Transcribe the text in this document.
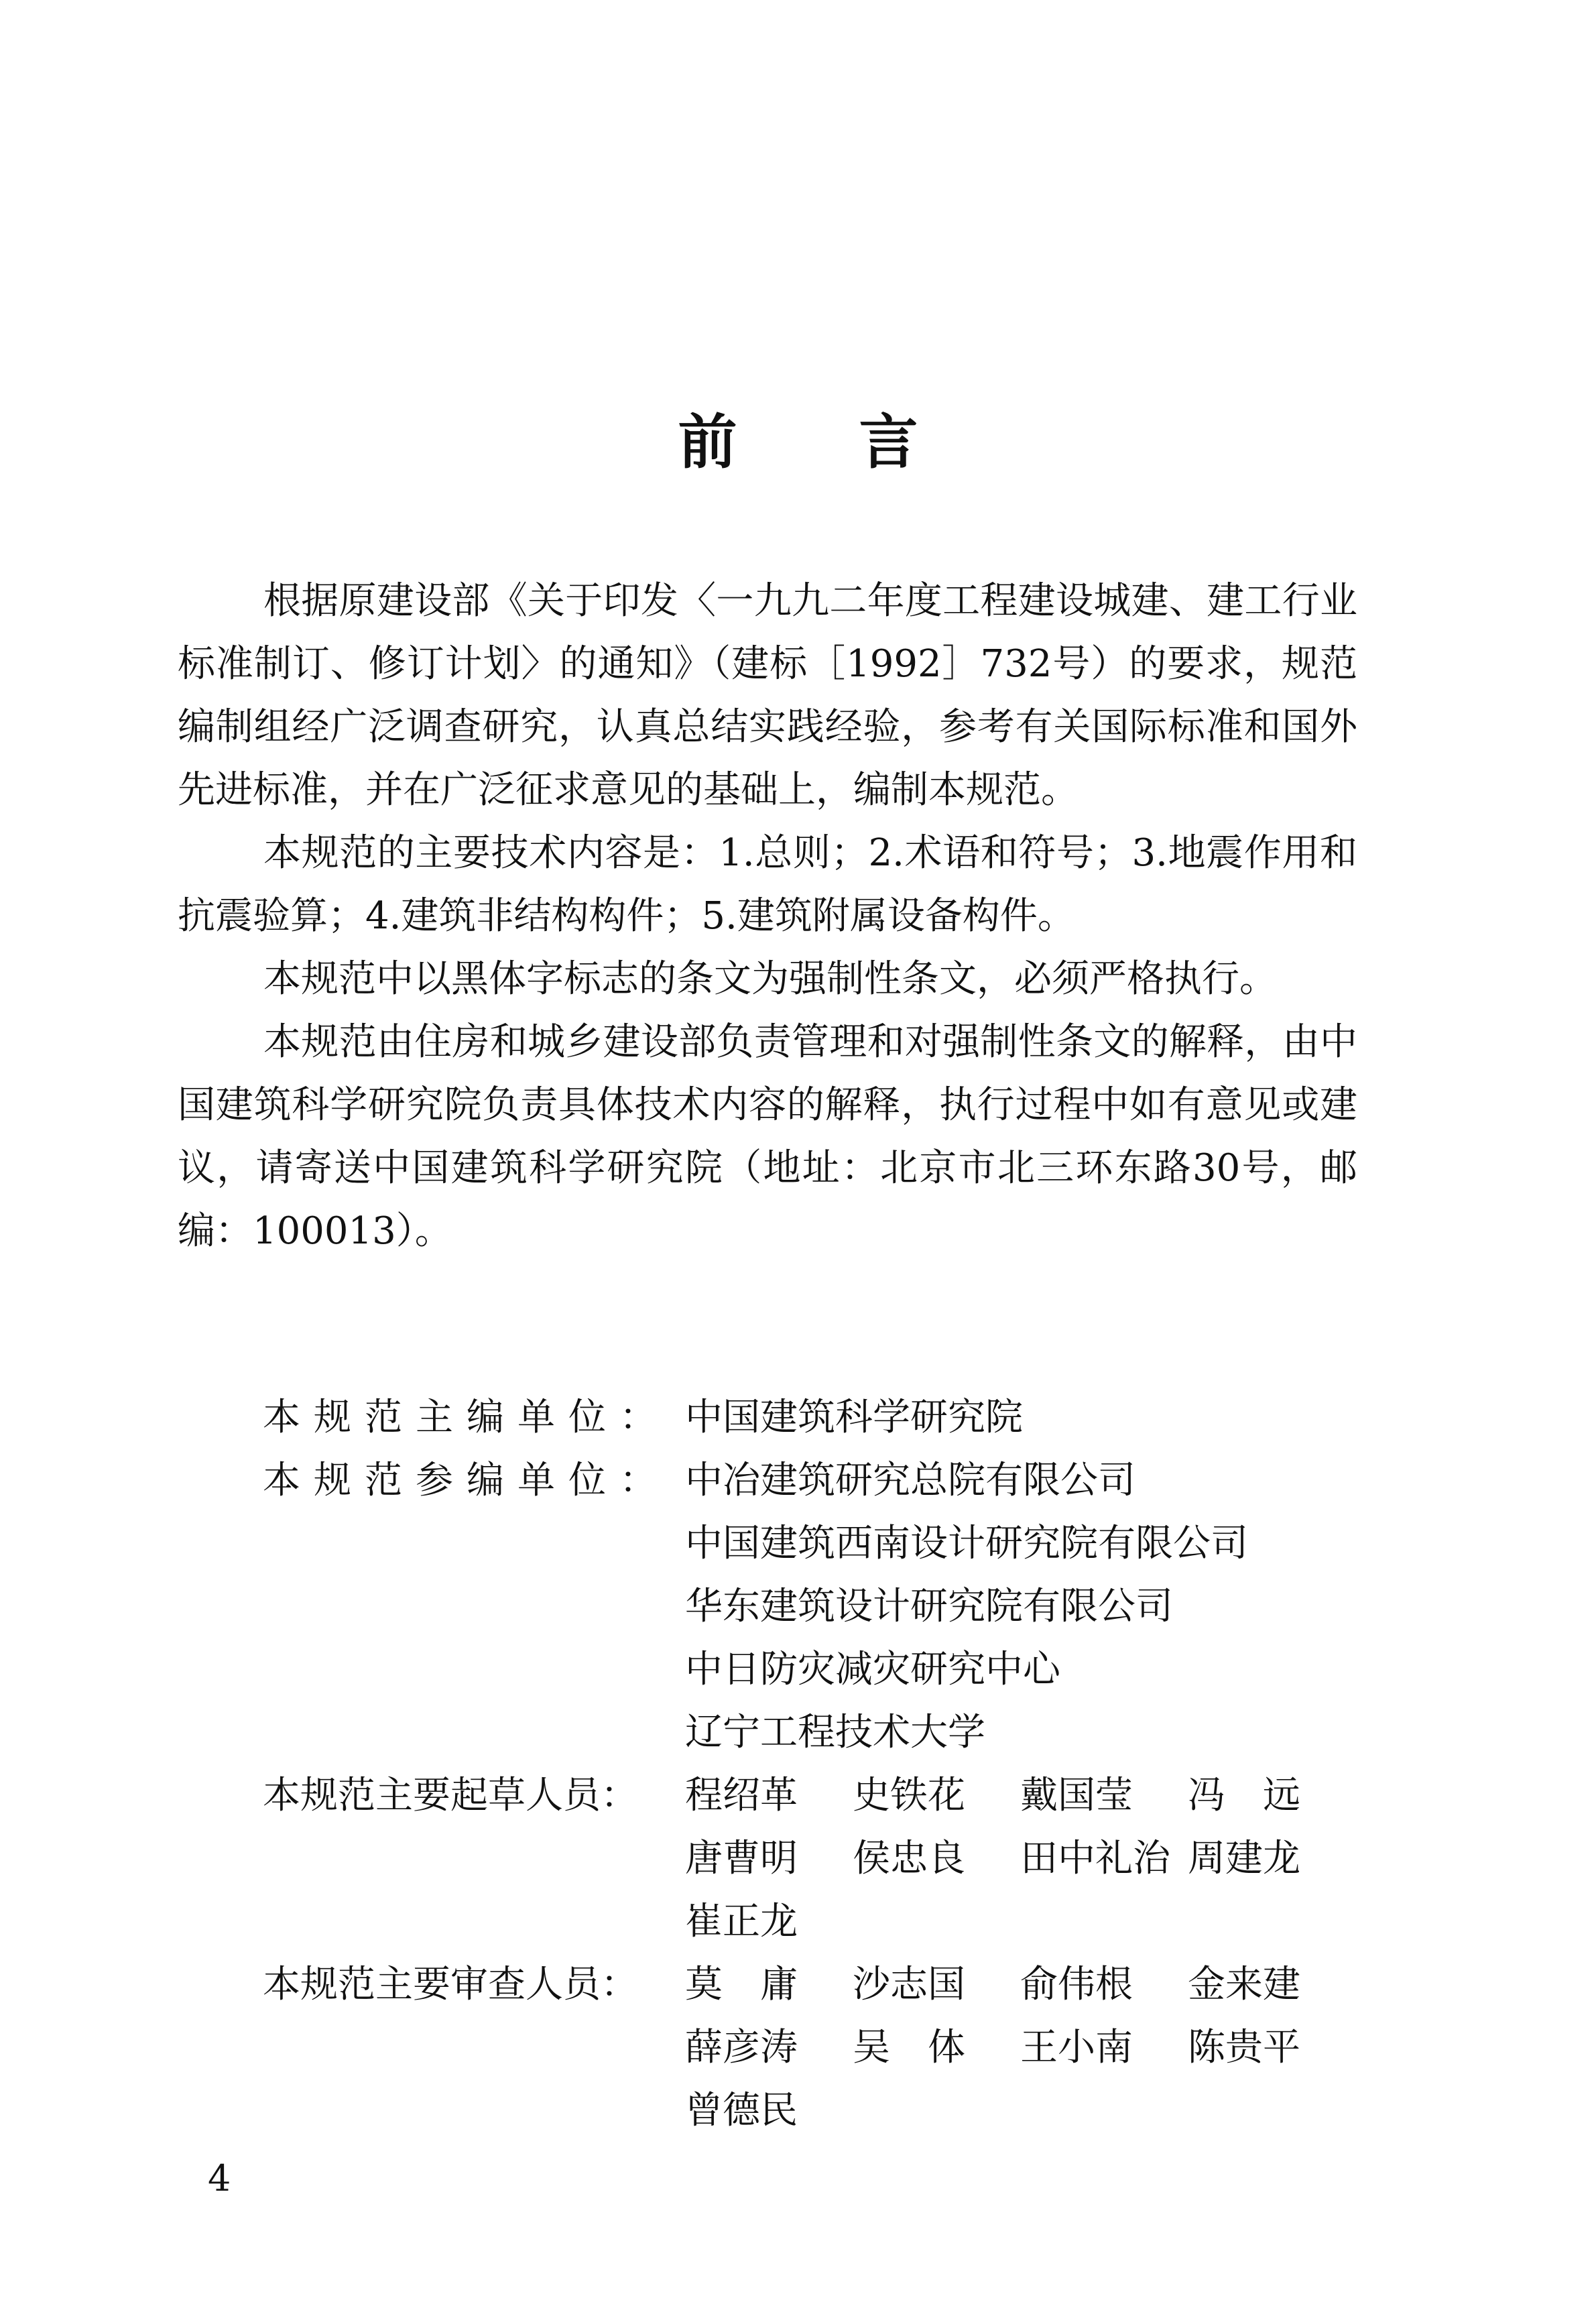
前 言

根据原建设部《关于印发〈一九九二年度工程建设城建、建工行业标准制订、修订计划〉的通知》（建标［1992］732号）的要求，规范编制组经广泛调查研究，认真总结实践经验，参考有关国际标准和国外先进标准，并在广泛征求意见的基础上，编制本规范。

本规范的主要技术内容是：1.总则；2.术语和符号；3.地震作用和抗震验算；4.建筑非结构构件；5.建筑附属设备构件。

本规范中以黑体字标志的条文为强制性条文，必须严格执行。

本规范由住房和城乡建设部负责管理和对强制性条文的解释，由中国建筑科学研究院负责具体技术内容的解释，执行过程中如有意见或建议，请寄送中国建筑科学研究院（地址：北京市北三环东路30号，邮编：100013）。

本规范主编单位： 中国建筑科学研究院
本规范参编单位： 中冶建筑研究总院有限公司
中国建筑西南设计研究院有限公司
华东建筑设计研究院有限公司
中日防灾减灾研究中心
辽宁工程技术大学
本规范主要起草人员：	程绍革	史铁花	戴国莹	冯　远
唐曹明	侯忠良	田中礼治 周建龙
崔正龙
本规范主要审查人员：	莫　庸	沙志国	俞伟根	金来建
薛彦涛	吴　体	王小南	陈贵平
曾德民
4
